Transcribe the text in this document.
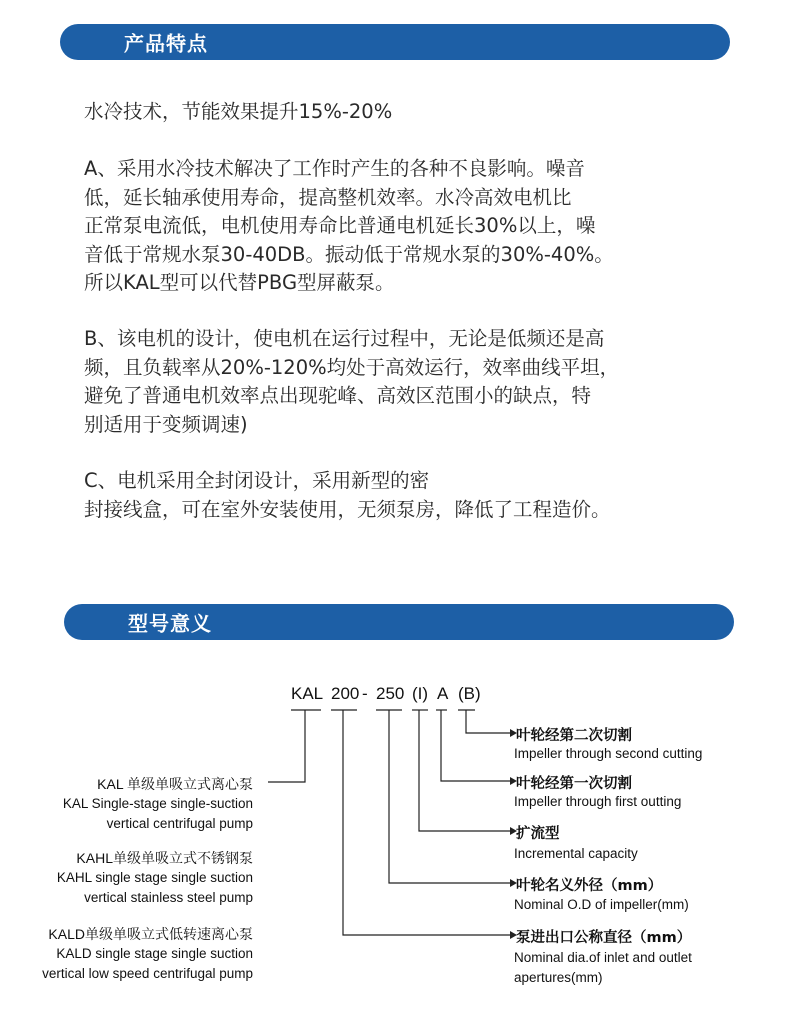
产品特点
水冷技术，节能效果提升15%-20%
A、采用水冷技术解决了工作时产生的各种不良影响。噪音
低，延长轴承使用寿命，提高整机效率。水冷高效电机比
正常泵电流低，电机使用寿命比普通电机延长30%以上，噪
音低于常规水泵30-40DB。振动低于常规水泵的30%-40%。
所以KAL型可以代替PBG型屏蔽泵。
B、该电机的设计，使电机在运行过程中，无论是低频还是高
频，且负载率从20%-120%均处于高效运行，效率曲线平坦，
避免了普通电机效率点出现驼峰、高效区范围小的缺点，特
别适用于变频调速)
C、电机采用全封闭设计，采用新型的密
封接线盒，可在室外安装使用，无须泵房，降低了工程造价。
型号意义
KAL 200 - 250 (I) A (B)
叶轮经第二次切割
Impeller through second cutting
叶轮经第一次切割
Impeller through first outting
扩流型
Incremental capacity
叶轮名义外径（mm）
Nominal O.D of impeller(mm)
泵进出口公称直径（mm）
Nominal dia.of inlet and outlet
apertures(mm)
KAL 单级单吸立式离心泵
KAL Single-stage single-suction
vertical centrifugal pump
KAHL单级单吸立式不锈钢泵
KAHL single stage single suction
vertical stainless steel pump
KALD单级单吸立式低转速离心泵
KALD single stage single suction
vertical low speed centrifugal pump
